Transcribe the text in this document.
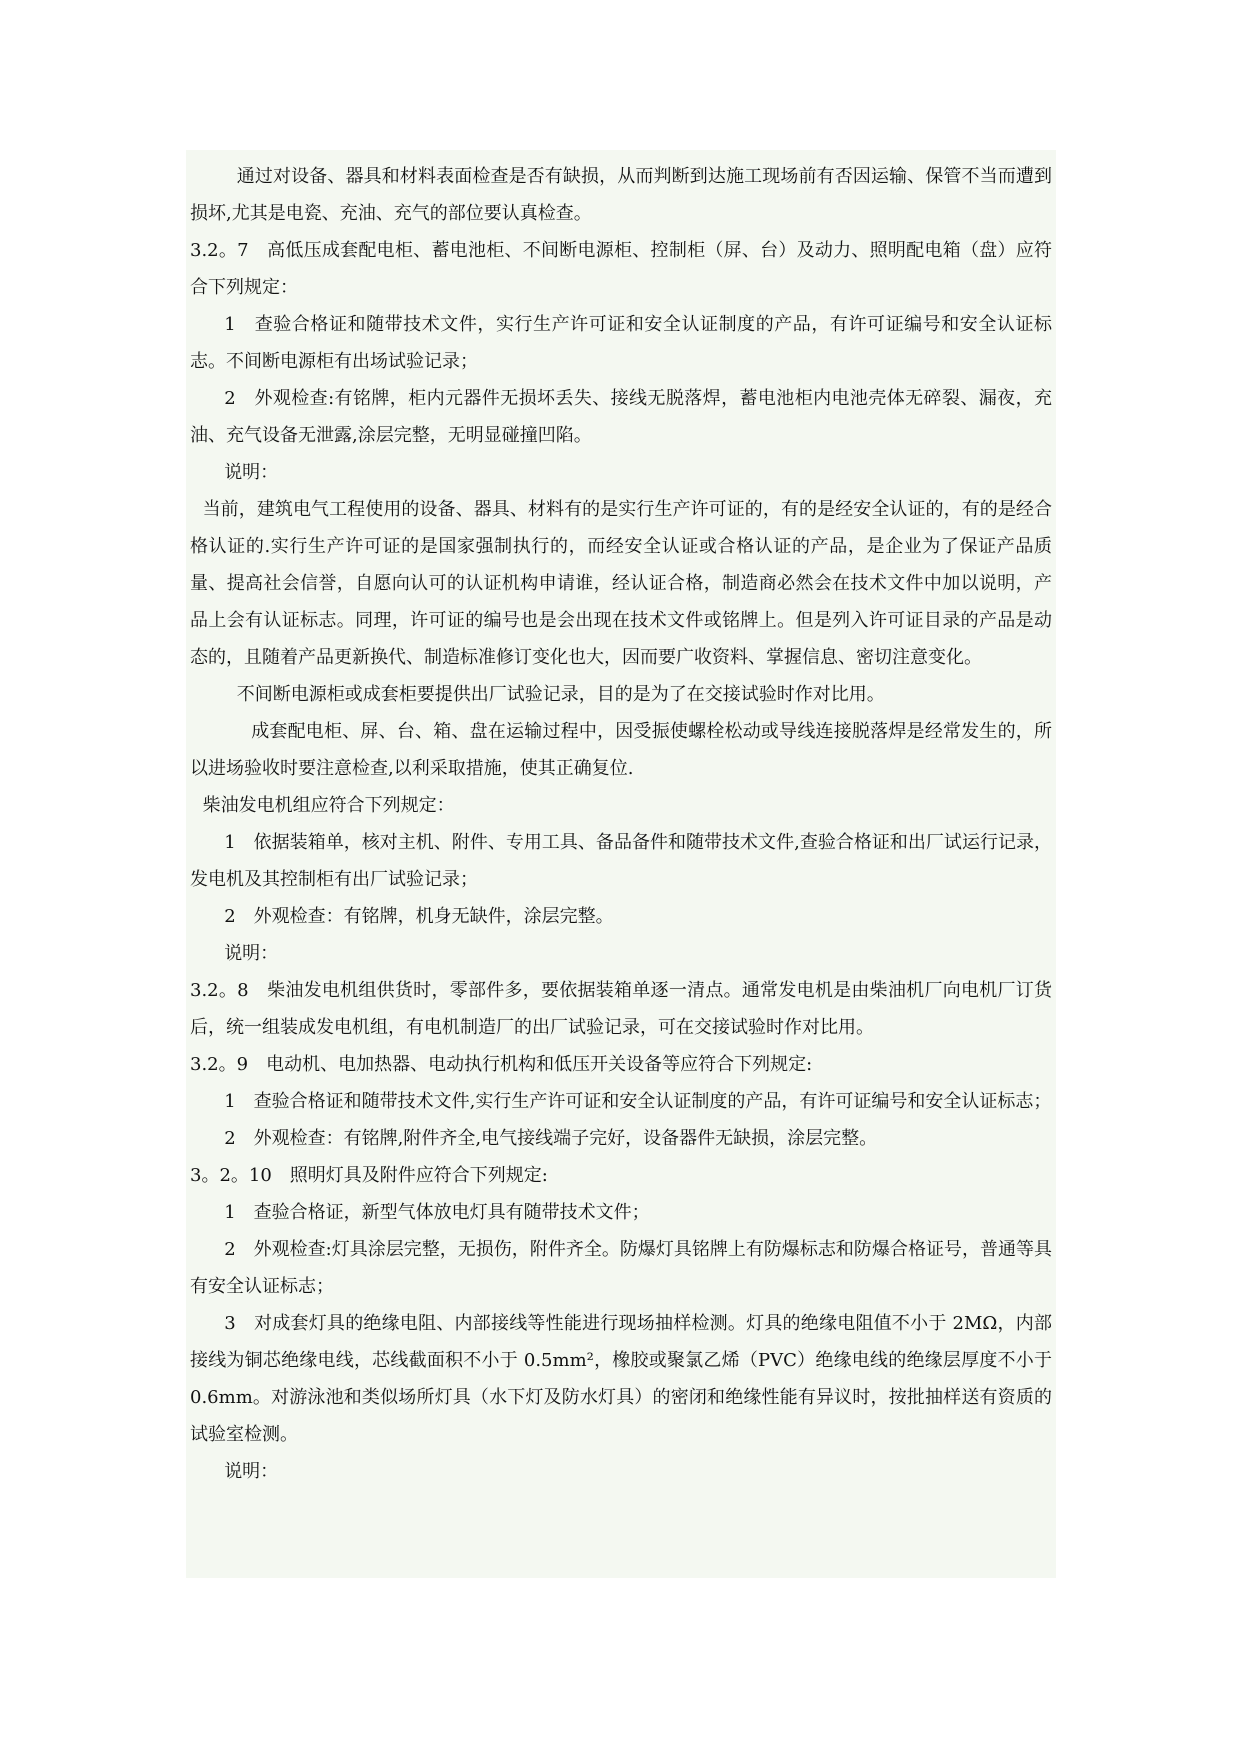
通过对设备、器具和材料表面检查是否有缺损，从而判断到达施工现场前有否因运输、保管不当而遭到损坏,尤其是电瓷、充油、充气的部位要认真检查。

3.2。7　高低压成套配电柜、蓄电池柜、不间断电源柜、控制柜（屏、台）及动力、照明配电箱（盘）应符合下列规定：

1　查验合格证和随带技术文件，实行生产许可证和安全认证制度的产品，有许可证编号和安全认证标志。不间断电源柜有出场试验记录；

2　外观检查:有铭牌，柜内元器件无损坏丢失、接线无脱落焊，蓄电池柜内电池壳体无碎裂、漏夜，充油、充气设备无泄露,涂层完整，无明显碰撞凹陷。

说明：

当前，建筑电气工程使用的设备、器具、材料有的是实行生产许可证的，有的是经安全认证的，有的是经合格认证的.实行生产许可证的是国家强制执行的，而经安全认证或合格认证的产品，是企业为了保证产品质量、提高社会信誉，自愿向认可的认证机构申请谁，经认证合格，制造商必然会在技术文件中加以说明，产品上会有认证标志。同理，许可证的编号也是会出现在技术文件或铭牌上。但是列入许可证目录的产品是动态的，且随着产品更新换代、制造标准修订变化也大，因而要广收资料、掌握信息、密切注意变化。

不间断电源柜或成套柜要提供出厂试验记录，目的是为了在交接试验时作对比用。

成套配电柜、屏、台、箱、盘在运输过程中，因受振使螺栓松动或导线连接脱落焊是经常发生的，所以进场验收时要注意检查,以利采取措施，使其正确复位.

柴油发电机组应符合下列规定：

1　依据装箱单，核对主机、附件、专用工具、备品备件和随带技术文件,查验合格证和出厂试运行记录，发电机及其控制柜有出厂试验记录；

2　外观检查：有铭牌，机身无缺件，涂层完整。

说明：

3.2。8　柴油发电机组供货时，零部件多，要依据装箱单逐一清点。通常发电机是由柴油机厂向电机厂订货后，统一组装成发电机组，有电机制造厂的出厂试验记录，可在交接试验时作对比用。

3.2。9　电动机、电加热器、电动执行机构和低压开关设备等应符合下列规定:

1　查验合格证和随带技术文件,实行生产许可证和安全认证制度的产品，有许可证编号和安全认证标志；

2　外观检查：有铭牌,附件齐全,电气接线端子完好，设备器件无缺损，涂层完整。

3。2。10　照明灯具及附件应符合下列规定:

1　查验合格证，新型气体放电灯具有随带技术文件；

2　外观检查:灯具涂层完整，无损伤，附件齐全。防爆灯具铭牌上有防爆标志和防爆合格证号，普通等具有安全认证标志；

3　对成套灯具的绝缘电阻、内部接线等性能进行现场抽样检测。灯具的绝缘电阻值不小于 2MΩ，内部接线为铜芯绝缘电线，芯线截面积不小于 0.5mm²，橡胶或聚氯乙烯（PVC）绝缘电线的绝缘层厚度不小于 0.6mm。对游泳池和类似场所灯具（水下灯及防水灯具）的密闭和绝缘性能有异议时，按批抽样送有资质的试验室检测。

说明：
